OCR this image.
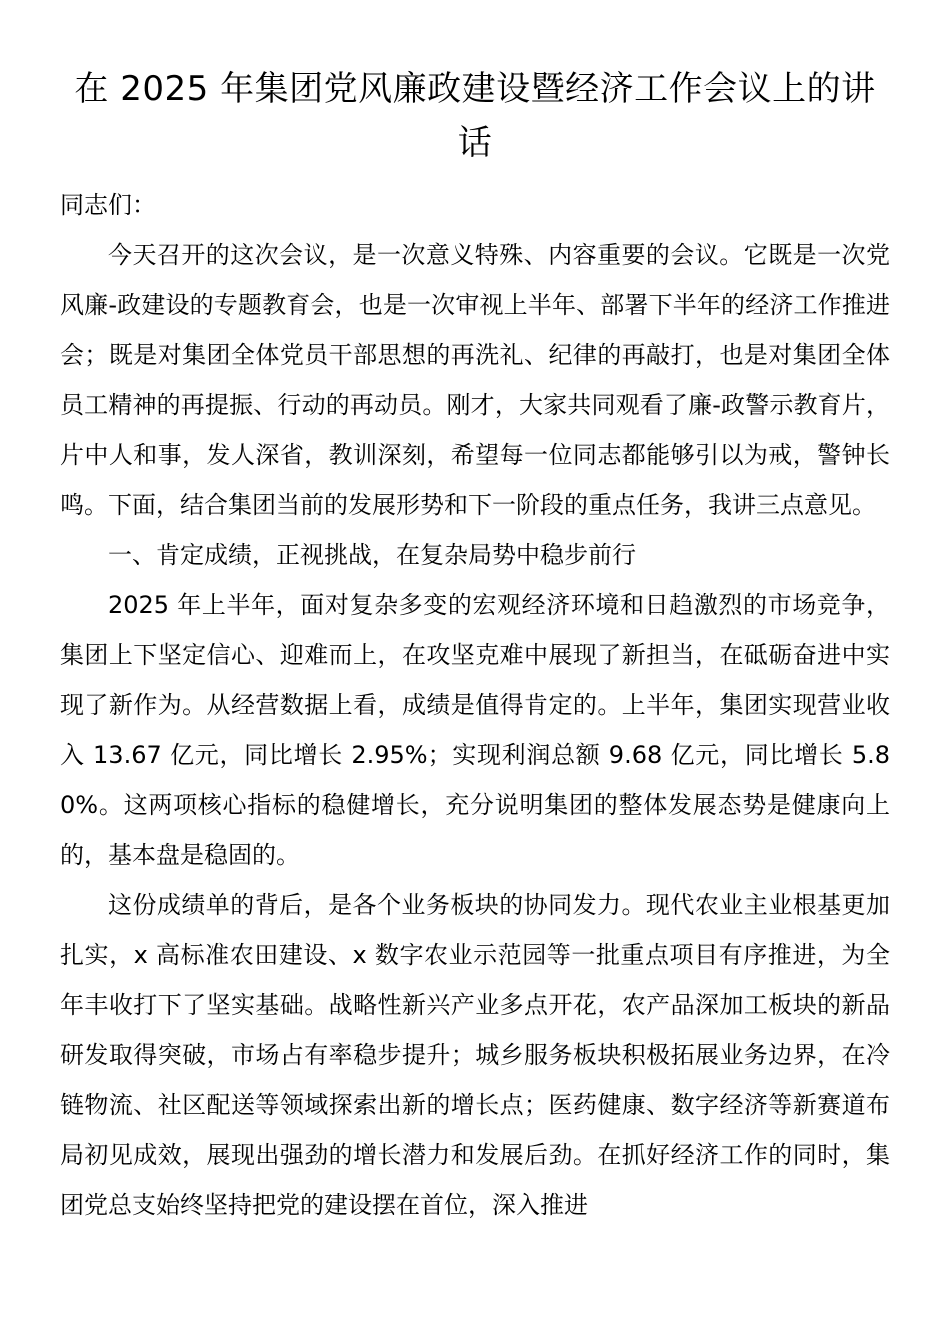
在 2025 年集团党风廉政建设暨经济工作会议上的讲话

同志们：

今天召开的这次会议，是一次意义特殊、内容重要的会议。它既是一次党风廉-政建设的专题教育会，也是一次审视上半年、部署下半年的经济工作推进会；既是对集团全体党员干部思想的再洗礼、纪律的再敲打，也是对集团全体员工精神的再提振、行动的再动员。刚才，大家共同观看了廉-政警示教育片，片中人和事，发人深省，教训深刻，希望每一位同志都能够引以为戒，警钟长鸣。下面，结合集团当前的发展形势和下一阶段的重点任务，我讲三点意见。

一、肯定成绩，正视挑战，在复杂局势中稳步前行

2025 年上半年，面对复杂多变的宏观经济环境和日趋激烈的市场竞争，集团上下坚定信心、迎难而上，在攻坚克难中展现了新担当，在砥砺奋进中实现了新作为。从经营数据上看，成绩是值得肯定的。上半年，集团实现营业收入 13.67 亿元，同比增长 2.95%；实现利润总额 9.68 亿元，同比增长 5.80%。这两项核心指标的稳健增长，充分说明集团的整体发展态势是健康向上的，基本盘是稳固的。

这份成绩单的背后，是各个业务板块的协同发力。现代农业主业根基更加扎实，x 高标准农田建设、x 数字农业示范园等一批重点项目有序推进，为全年丰收打下了坚实基础。战略性新兴产业多点开花，农产品深加工板块的新品研发取得突破，市场占有率稳步提升；城乡服务板块积极拓展业务边界，在冷链物流、社区配送等领域探索出新的增长点；医药健康、数字经济等新赛道布局初见成效，展现出强劲的增长潜力和发展后劲。在抓好经济工作的同时，集团党总支始终坚持把党的建设摆在首位，深入推进
